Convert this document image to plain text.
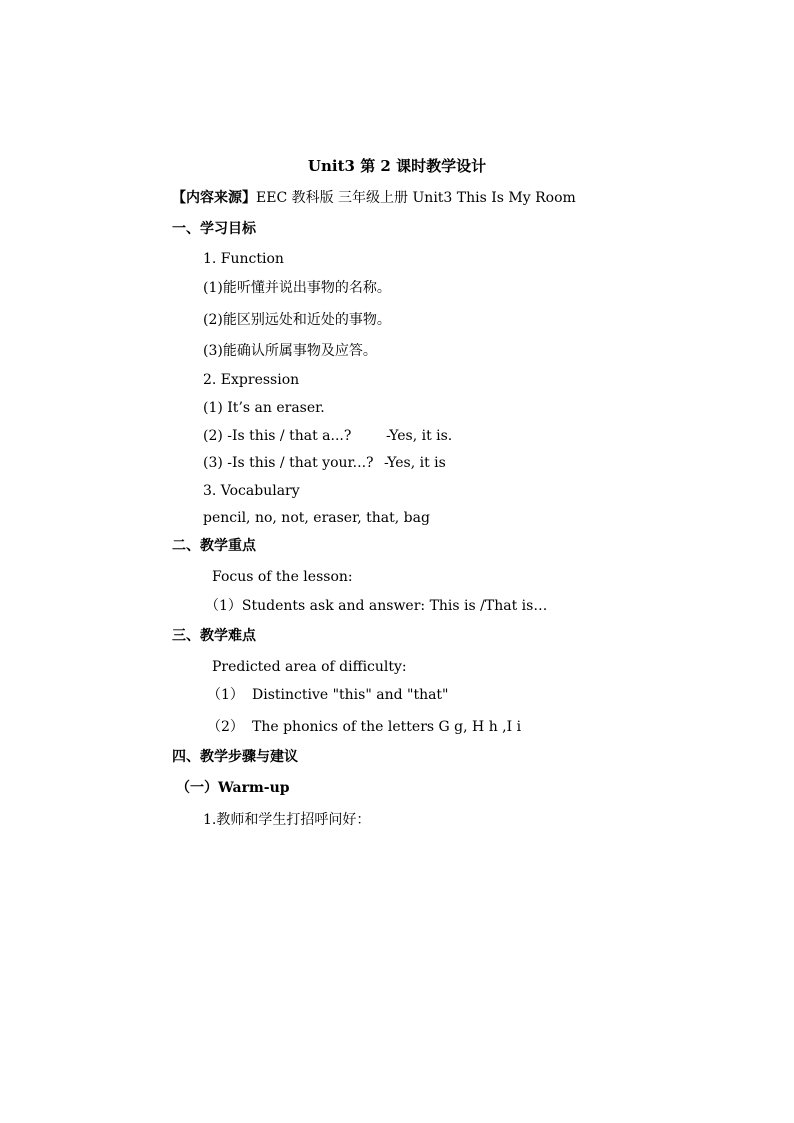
Unit3 第 2 课时教学设计
【内容来源】EEC 教科版 三年级上册 Unit3 This Is My Room
一、学习目标
1. Function
(1)能听懂并说出事物的名称。
(2)能区别远处和近处的事物。
(3)能确认所属事物及应答。
2. Expression
(1) It’s an eraser.
(2) -Is this / that a...? -Yes, it is.
(3) -Is this / that your...? -Yes, it is
3. Vocabulary
pencil, no, not, eraser, that, bag
二、教学重点
Focus of the lesson:
（1）Students ask and answer: This is /That is…
三、教学难点
Predicted area of difficulty:
（1） Distinctive "this" and "that"
（2） The phonics of the letters G g, H h ,I i
四、教学步骤与建议
（一）Warm-up
1.教师和学生打招呼问好：
